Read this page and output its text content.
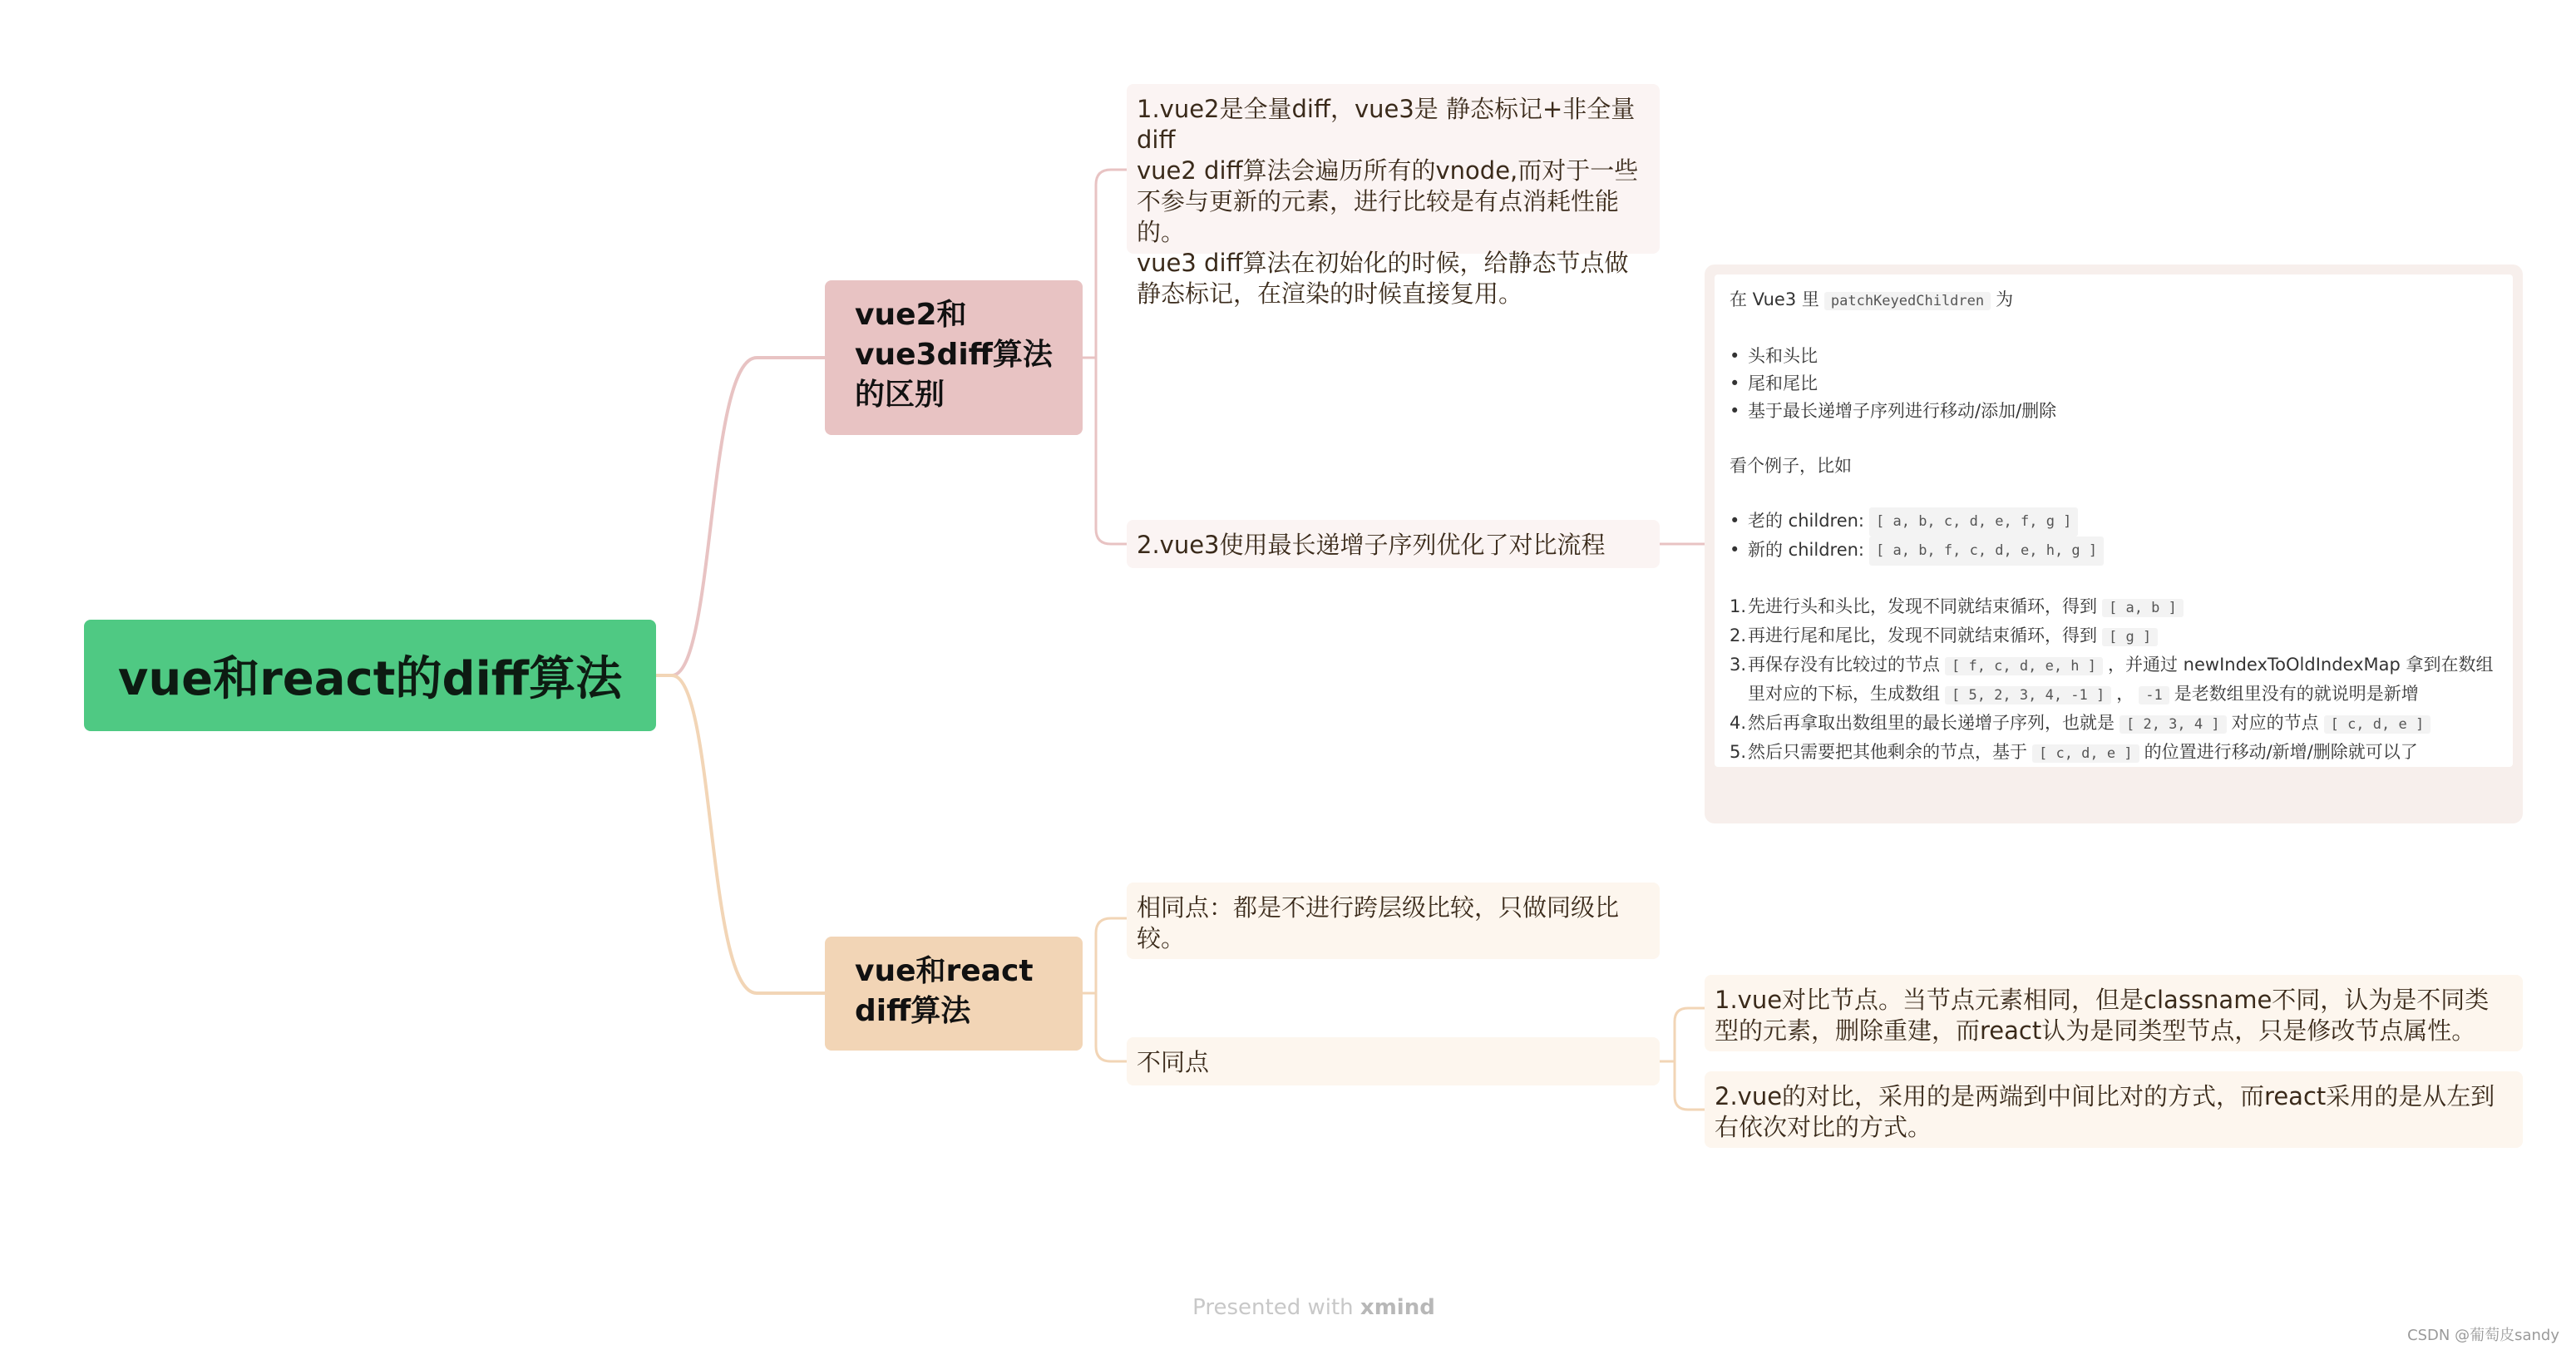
vue和react的diff算法
vue2和vue3diff算法的区别
vue和react diff算法

1.vue2是全量diff，vue3是 静态标记+非全量diff

vue2 diff算法会遍历所有的vnode,而对于一些不参与更新的元素，进行比较是有点消耗性能的。

vue3 diff算法在初始化的时候，给静态节点做静态标记，在渲染的时候直接复用。

2.vue3使用最长递增子序列优化了对比流程

在 Vue3 里 patchKeyedChildren 为

• 头和头比
• 尾和尾比
• 基于最长递增子序列进行移动/添加/删除

看个例子，比如

• 老的 children: [ a, b, c, d, e, f, g ]
• 新的 children: [ a, b, f, c, d, e, h, g ]
1. 先进行头和头比，发现不同就结束循环，得到 [ a, b ]
2. 再进行尾和尾比，发现不同就结束循环，得到 [ g ]
3. 再保存没有比较过的节点 [ f, c, d, e, h ] ，并通过 newIndexToOldIndexMap 拿到在数组里对应的下标，生成数组 [ 5, 2, 3, 4, -1 ] ， -1 是老数组里没有的就说明是新增
4. 然后再拿取出数组里的最长递增子序列，也就是 [ 2, 3, 4 ] 对应的节点 [ c, d, e ]
5. 然后只需要把其他剩余的节点，基于 [ c, d, e ] 的位置进行移动/新增/删除就可以了
相同点：都是不进行跨层级比较，只做同级比较。
不同点
1.vue对比节点。当节点元素相同，但是classname不同，认为是不同类型的元素，删除重建，而react认为是同类型节点，只是修改节点属性。
2.vue的对比，采用的是两端到中间比对的方式，而react采用的是从左到右依次对比的方式。
Presented with xmind
CSDN @葡萄皮sandy
